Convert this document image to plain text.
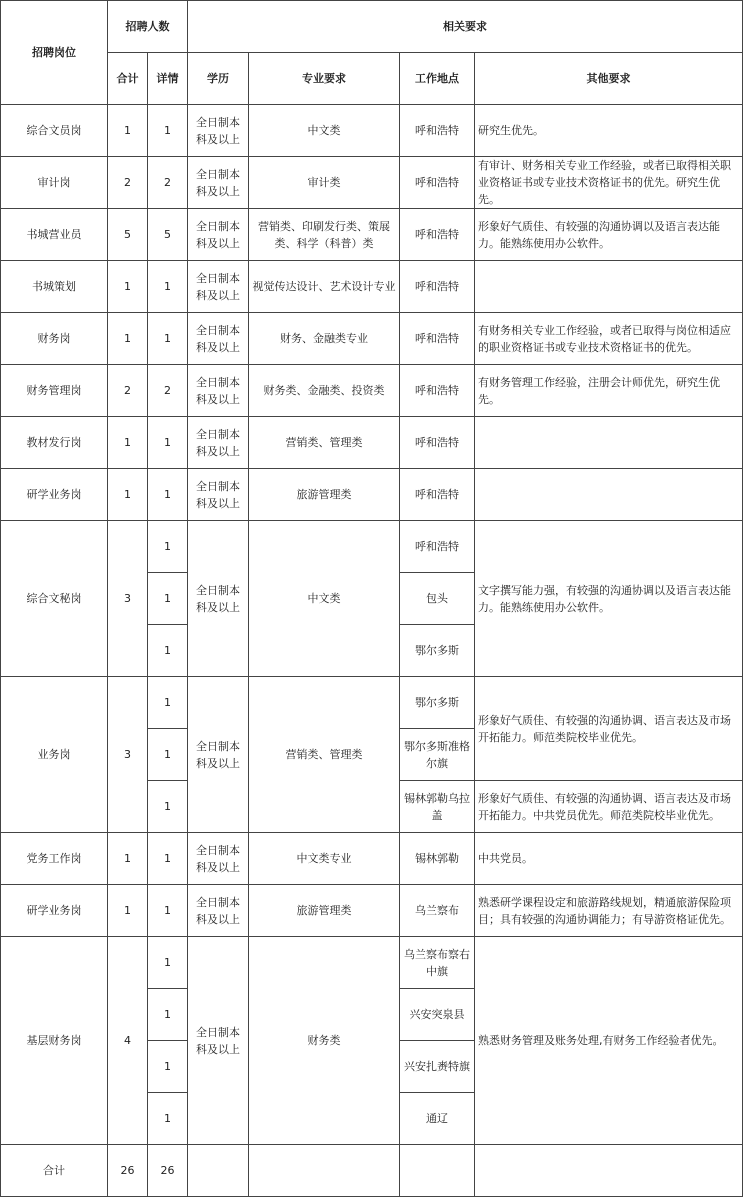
招聘岗位	招聘人数		相关要求			
	合计	详情	学历	专业要求	工作地点	其他要求
综合文员岗	1	1	全日制本科及以上	中文类	呼和浩特	研究生优先。
审计岗	2	2	全日制本科及以上	审计类	呼和浩特	有审计、财务相关专业工作经验，或者已取得相关职业资格证书或专业技术资格证书的优先。研究生优先。
书城营业员	5	5	全日制本科及以上	营销类、印刷发行类、策展类、科学（科普）类	呼和浩特	形象好气质佳、有较强的沟通协调以及语言表达能力。能熟练使用办公软件。
书城策划	1	1	全日制本科及以上	视觉传达设计、艺术设计专业	呼和浩特	
财务岗	1	1	全日制本科及以上	财务、金融类专业	呼和浩特	有财务相关专业工作经验，或者已取得与岗位相适应的职业资格证书或专业技术资格证书的优先。
财务管理岗	2	2	全日制本科及以上	财务类、金融类、投资类	呼和浩特	有财务管理工作经验，注册会计师优先，研究生优先。
教材发行岗	1	1	全日制本科及以上	营销类、管理类	呼和浩特	
研学业务岗	1	1	全日制本科及以上	旅游管理类	呼和浩特	
综合文秘岗	3	1	全日制本科及以上	中文类	呼和浩特	文字撰写能力强，有较强的沟通协调以及语言表达能力。能熟练使用办公软件。
		1			包头	
		1			鄂尔多斯	
业务岗	3	1	全日制本科及以上	营销类、管理类	鄂尔多斯	形象好气质佳、有较强的沟通协调、语言表达及市场开拓能力。师范类院校毕业优先。
		1			鄂尔多斯准格尔旗	
		1			锡林郭勒乌拉盖	形象好气质佳、有较强的沟通协调、语言表达及市场开拓能力。中共党员优先。师范类院校毕业优先。
党务工作岗	1	1	全日制本科及以上	中文类专业	锡林郭勒	中共党员。
研学业务岗	1	1	全日制本科及以上	旅游管理类	乌兰察布	熟悉研学课程设定和旅游路线规划，精通旅游保险项目；具有较强的沟通协调能力；有导游资格证优先。
基层财务岗	4	1	全日制本科及以上	财务类	乌兰察布察右中旗	熟悉财务管理及账务处理,有财务工作经验者优先。
		1			兴安突泉县	
		1			兴安扎赉特旗	
		1			通辽	
合计	26	26				
